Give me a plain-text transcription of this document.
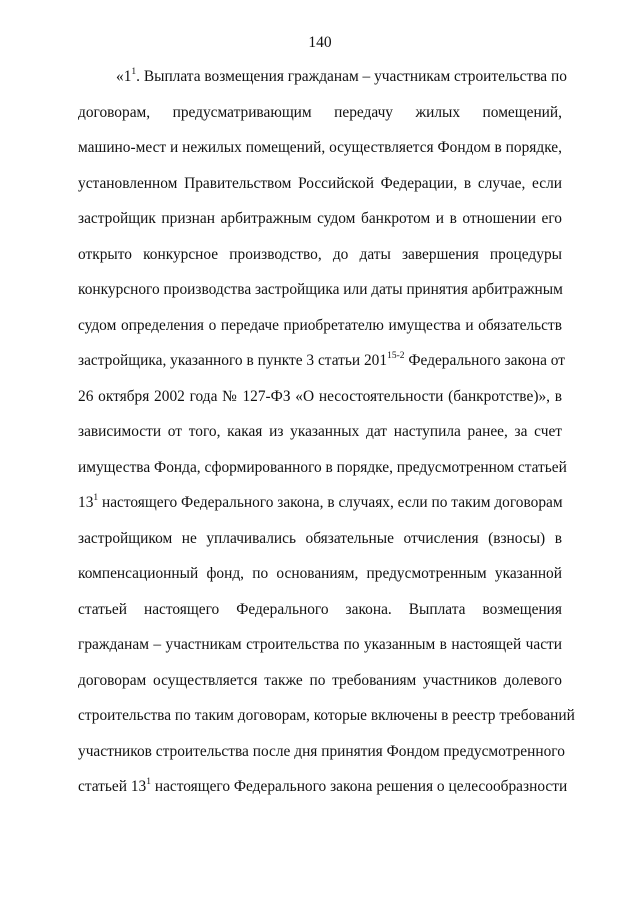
140
«$1^1$. Выплата возмещения гражданам – участникам строительства по
договорам, предусматривающим передачу жилых помещений,
машино-мест и нежилых помещений, осуществляется Фондом в порядке,
установленном Правительством Российской Федерации, в случае, если
застройщик признан арбитражным судом банкротом и в отношении его
открыто конкурсное производство, до даты завершения процедуры
конкурсного производства застройщика или даты принятия арбитражным
судом определения о передаче приобретателю имущества и обязательств
застройщика, указанного в пункте 3 статьи 201$^{15-2}$ Федерального закона от
26 октября 2002 года № 127-ФЗ «О несостоятельности (банкротстве)», в
зависимости от того, какая из указанных дат наступила ранее, за счет
имущества Фонда, сформированного в порядке, предусмотренном статьей
$13^1$ настоящего Федерального закона, в случаях, если по таким договорам
застройщиком не уплачивались обязательные отчисления (взносы) в
компенсационный фонд, по основаниям, предусмотренным указанной
статьей настоящего Федерального закона. Выплата возмещения
гражданам – участникам строительства по указанным в настоящей части
договорам осуществляется также по требованиям участников долевого
строительства по таким договорам, которые включены в реестр требований
участников строительства после дня принятия Фондом предусмотренного
статьей $13^1$ настоящего Федерального закона решения о целесообразности
